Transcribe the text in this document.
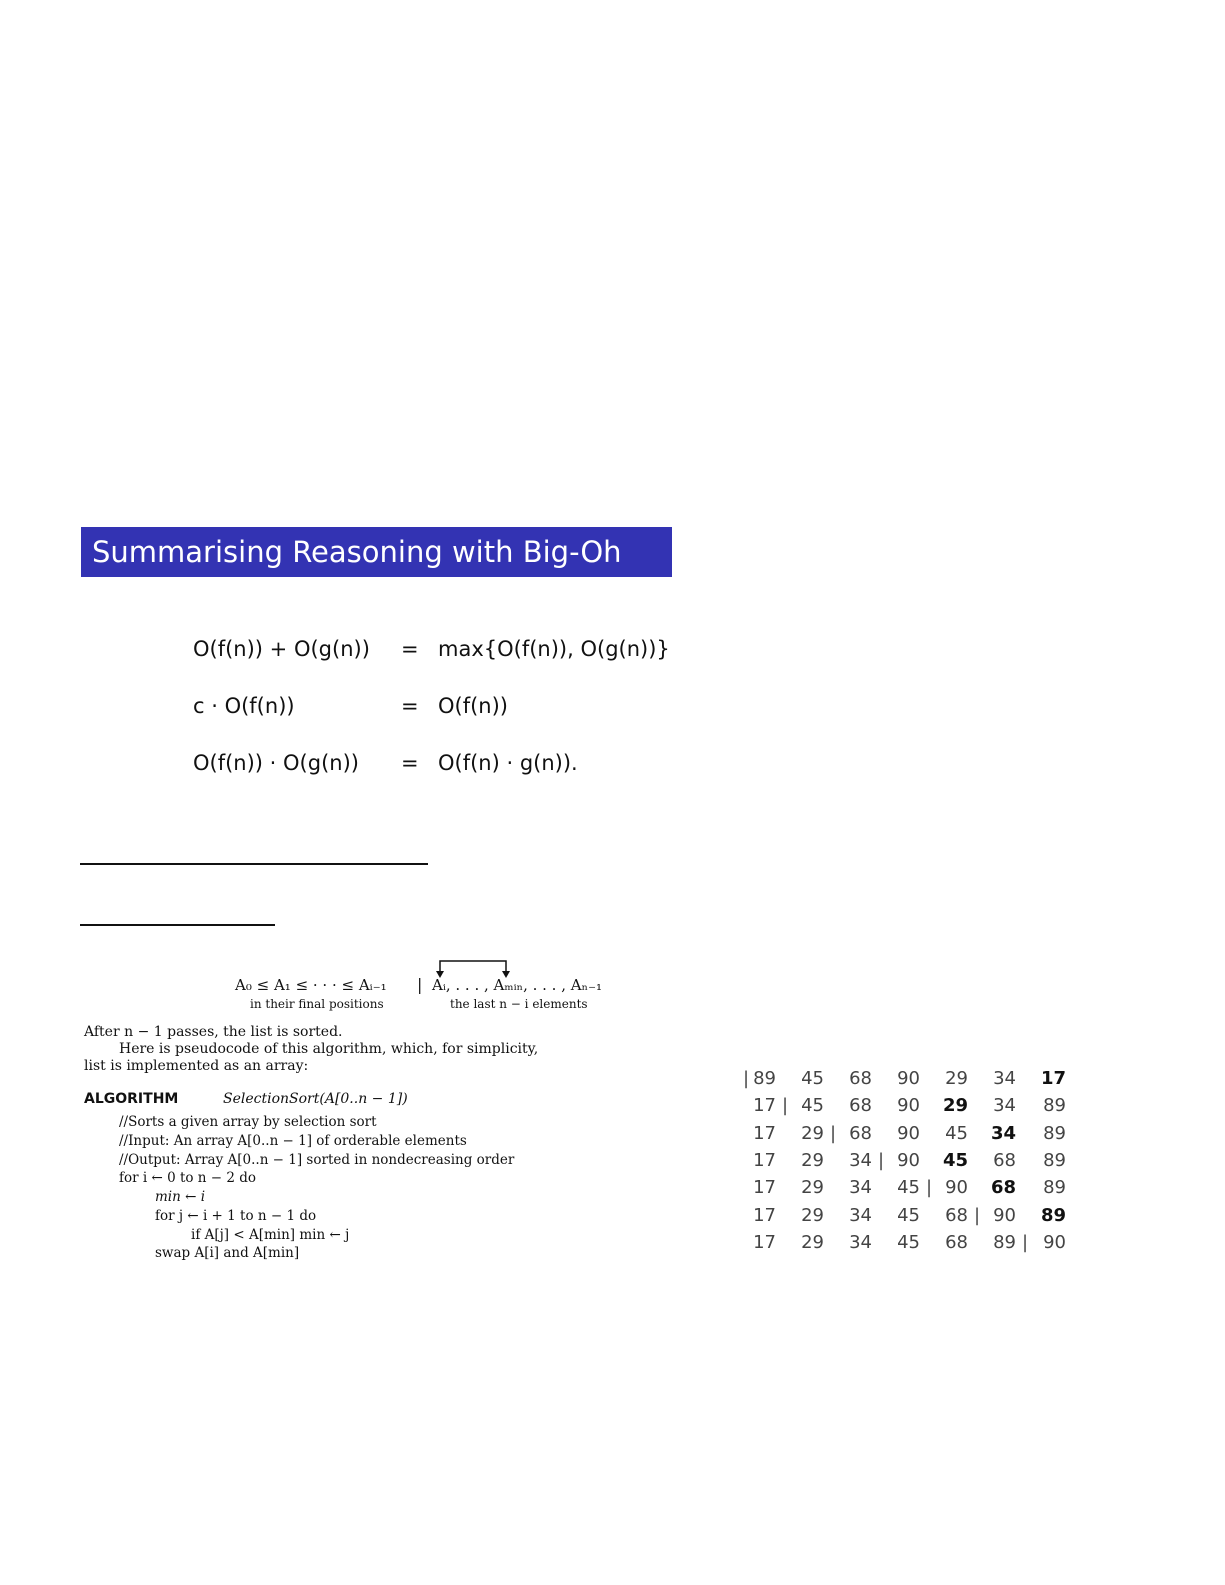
Summarising Reasoning with Big-Oh
O(f(n)) + O(g(n)) = max{O(f(n)), O(g(n))}
c · O(f(n))	= O(f(n))
O(f(n)) · O(g(n)) = O(f(n) · g(n)).
A₀ ≤ A₁ ≤ · · · ≤ Aᵢ₋₁ | Aᵢ, . . . , Aₘᵢₙ, . . . , Aₙ₋₁
in their final positions	the last n − i elements
After n − 1 passes, the list is sorted.
Here is pseudocode of this algorithm, which, for simplicity,
list is implemented as an array:
ALGORITHM	SelectionSort(A[0..n − 1])
//Sorts a given array by selection sort
//Input: An array A[0..n − 1] of orderable elements
//Output: Array A[0..n − 1] sorted in nondecreasing order
for i ← 0 to n − 2 do
min ← i
for j ← i + 1 to n − 1 do
if A[j] < A[min] min ← j
swap A[i] and A[min]
89	45	68	90	29	34	17
|
17	45	68	90	29	34	89
|
17	29	68	90	45	34	89
|
17	29	34	90	45	68	89
|
17	29	34	45	90	68	89
|
17	29	34	45	68	90	89
|
17	29	34	45	68	89	90
|
